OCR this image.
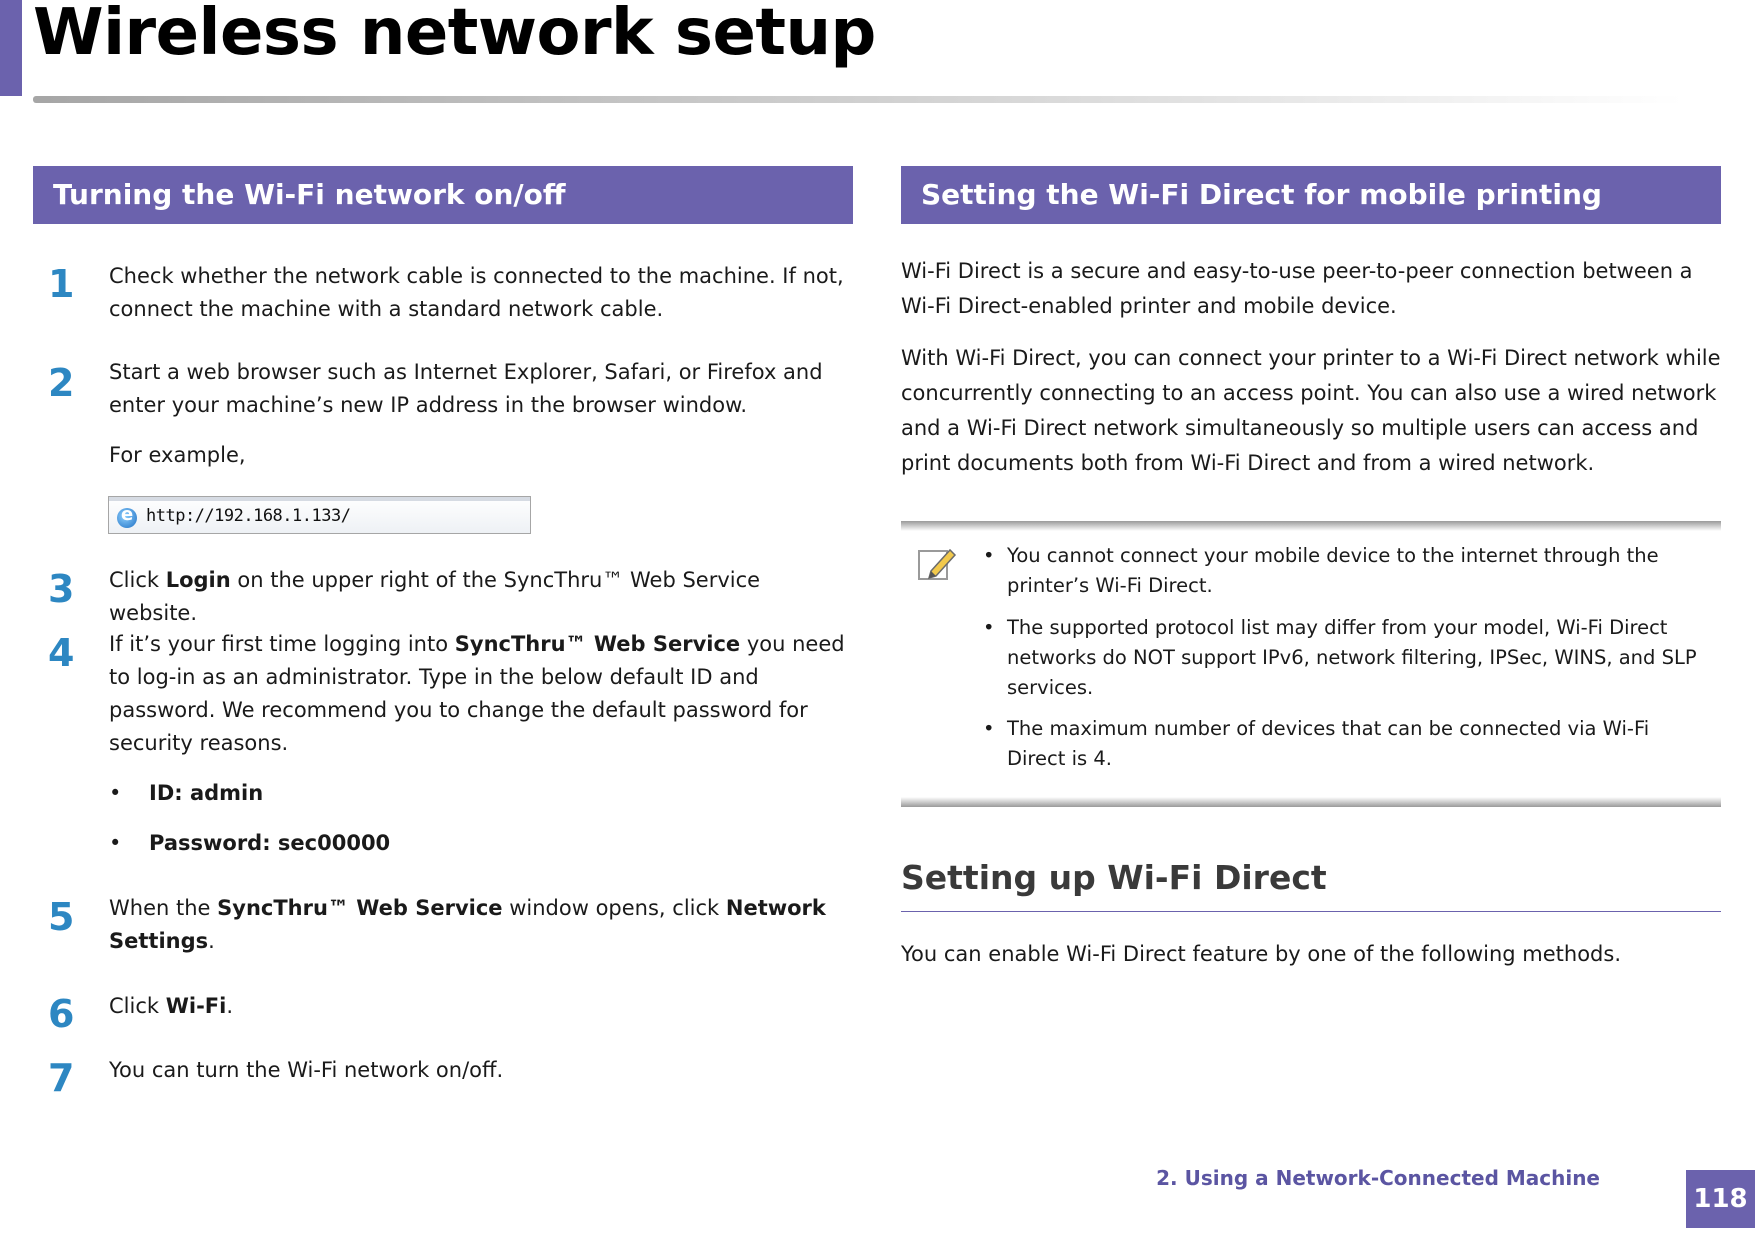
Wireless network setup
Turning the Wi-Fi network on/off
1	Check whether the network cable is connected to the machine. If not, connect the machine with a standard network cable.
2	Start a web browser such as Internet Explorer, Safari, or Firefox and enter your machine’s new IP address in the browser window.
For example,
e
http://192.168.1.133/
3	Click Login on the upper right of the SyncThru™ Web Service website.
4	If it’s your first time logging into SyncThru™ Web Service you need to log-in as an administrator. Type in the below default ID and password. We recommend you to change the default password for security reasons.
• ID: admin
• Password: sec00000
5	When the SyncThru™ Web Service window opens, click Network Settings.
6	Click Wi-Fi.
7	You can turn the Wi-Fi network on/off.
Setting the Wi-Fi Direct for mobile printing
Wi-Fi Direct is a secure and easy-to-use peer-to-peer connection between a Wi-Fi Direct-enabled printer and mobile device.
With Wi-Fi Direct, you can connect your printer to a Wi-Fi Direct network while concurrently connecting to an access point. You can also use a wired network and a Wi-Fi Direct network simultaneously so multiple users can access and print documents both from Wi-Fi Direct and from a wired network.
• You cannot connect your mobile device to the internet through the printer’s Wi-Fi Direct.
• The supported protocol list may differ from your model, Wi-Fi Direct networks do NOT support IPv6, network filtering, IPSec, WINS, and SLP services.
• The maximum number of devices that can be connected via Wi-Fi Direct is 4.
Setting up Wi-Fi Direct
You can enable Wi-Fi Direct feature by one of the following methods.
2. Using a Network-Connected Machine
118
